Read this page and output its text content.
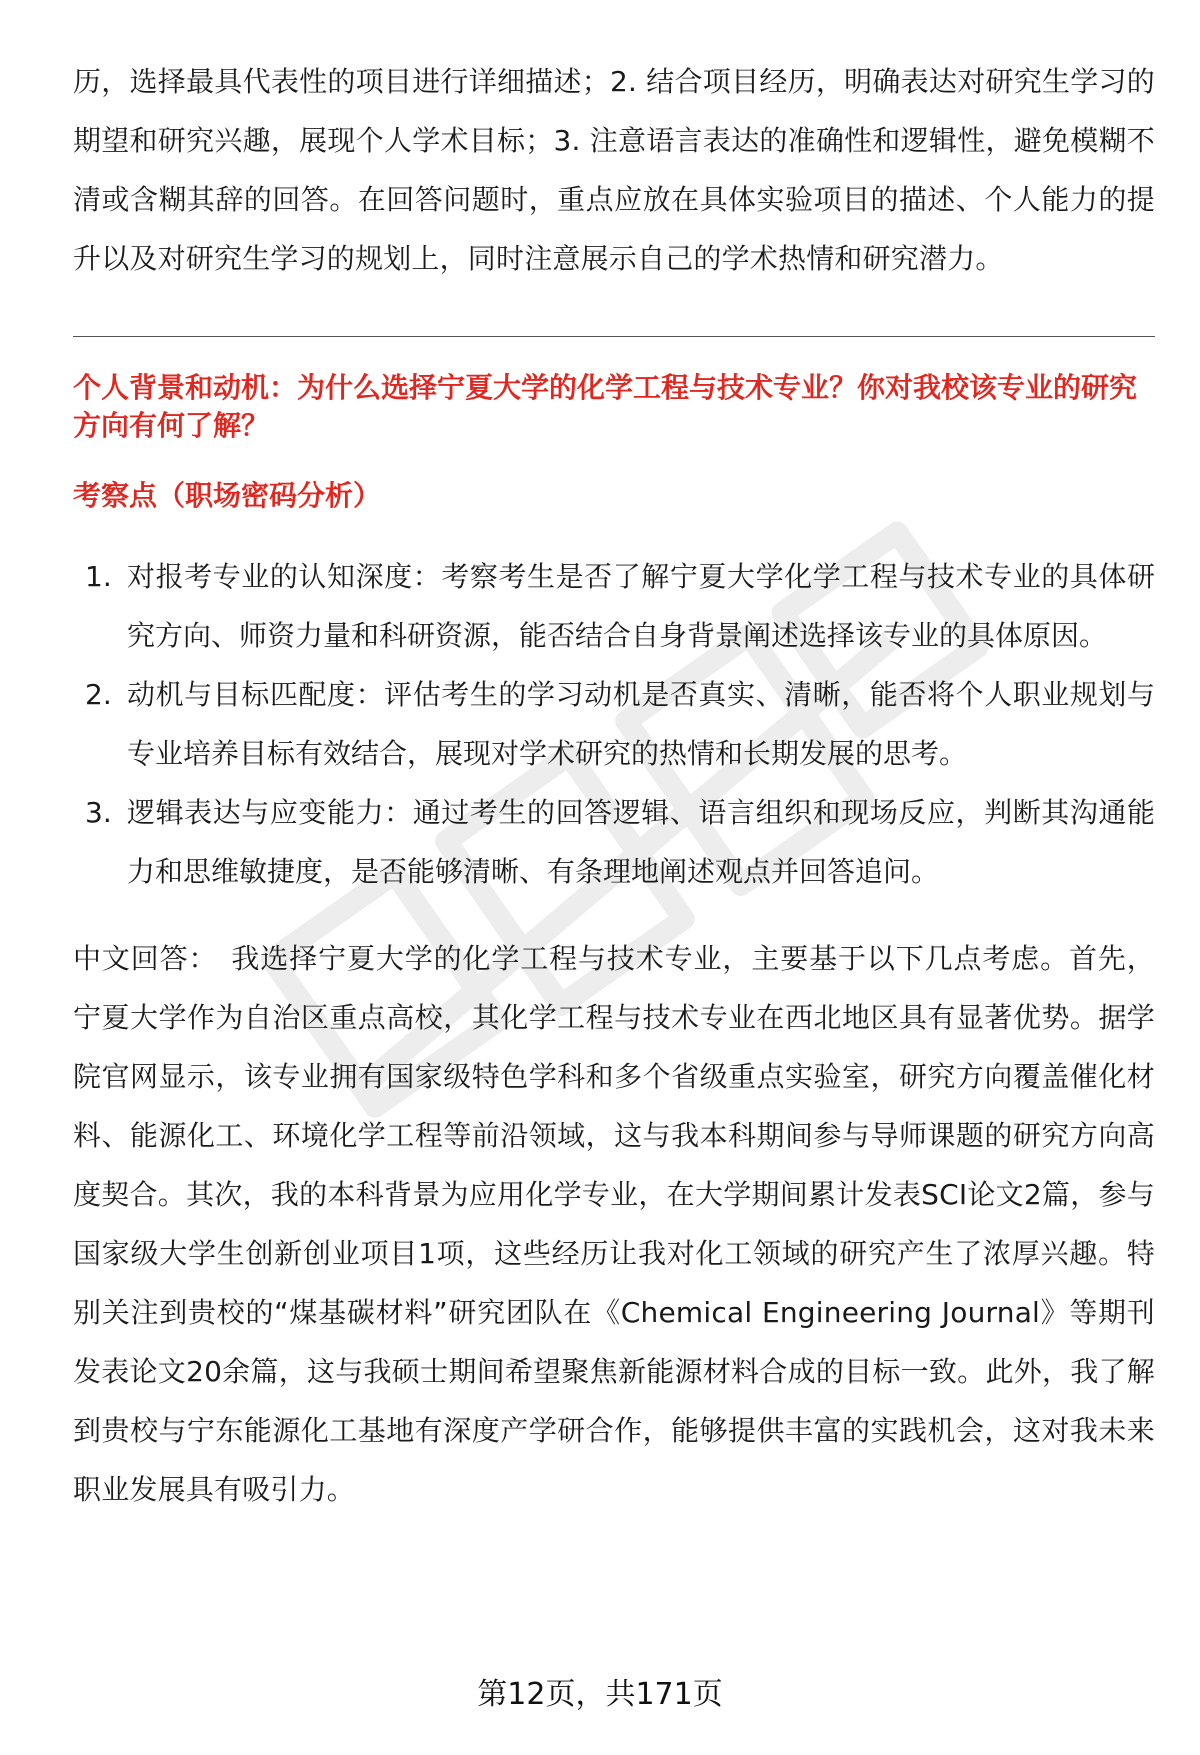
历，选择最具代表性的项目进行详细描述；2. 结合项目经历，明确表达对研究生学习的期望和研究兴趣，展现个人学术目标；3. 注意语言表达的准确性和逻辑性，避免模糊不清或含糊其辞的回答。在回答问题时，重点应放在具体实验项目的描述、个人能力的提升以及对研究生学习的规划上，同时注意展示自己的学术热情和研究潜力。

个人背景和动机：为什么选择宁夏大学的化学工程与技术专业？你对我校该专业的研究方向有何了解？

考察点（职场密码分析）

1. 对报考专业的认知深度：考察考生是否了解宁夏大学化学工程与技术专业的具体研究方向、师资力量和科研资源，能否结合自身背景阐述选择该专业的具体原因。
2. 动机与目标匹配度：评估考生的学习动机是否真实、清晰，能否将个人职业规划与专业培养目标有效结合，展现对学术研究的热情和长期发展的思考。
3. 逻辑表达与应变能力：通过考生的回答逻辑、语言组织和现场反应，判断其沟通能力和思维敏捷度，是否能够清晰、有条理地阐述观点并回答追问。

中文回答： 我选择宁夏大学的化学工程与技术专业，主要基于以下几点考虑。首先，宁夏大学作为自治区重点高校，其化学工程与技术专业在西北地区具有显著优势。据学院官网显示，该专业拥有国家级特色学科和多个省级重点实验室，研究方向覆盖催化材料、能源化工、环境化学工程等前沿领域，这与我本科期间参与导师课题的研究方向高度契合。其次，我的本科背景为应用化学专业，在大学期间累计发表SCI论文2篇，参与国家级大学生创新创业项目1项，这些经历让我对化工领域的研究产生了浓厚兴趣。特别关注到贵校的“煤基碳材料”研究团队在《Chemical Engineering Journal》等期刊发表论文20余篇，这与我硕士期间希望聚焦新能源材料合成的目标一致。此外，我了解到贵校与宁东能源化工基地有深度产学研合作，能够提供丰富的实践机会，这对我未来职业发展具有吸引力。

第12页，共171页
